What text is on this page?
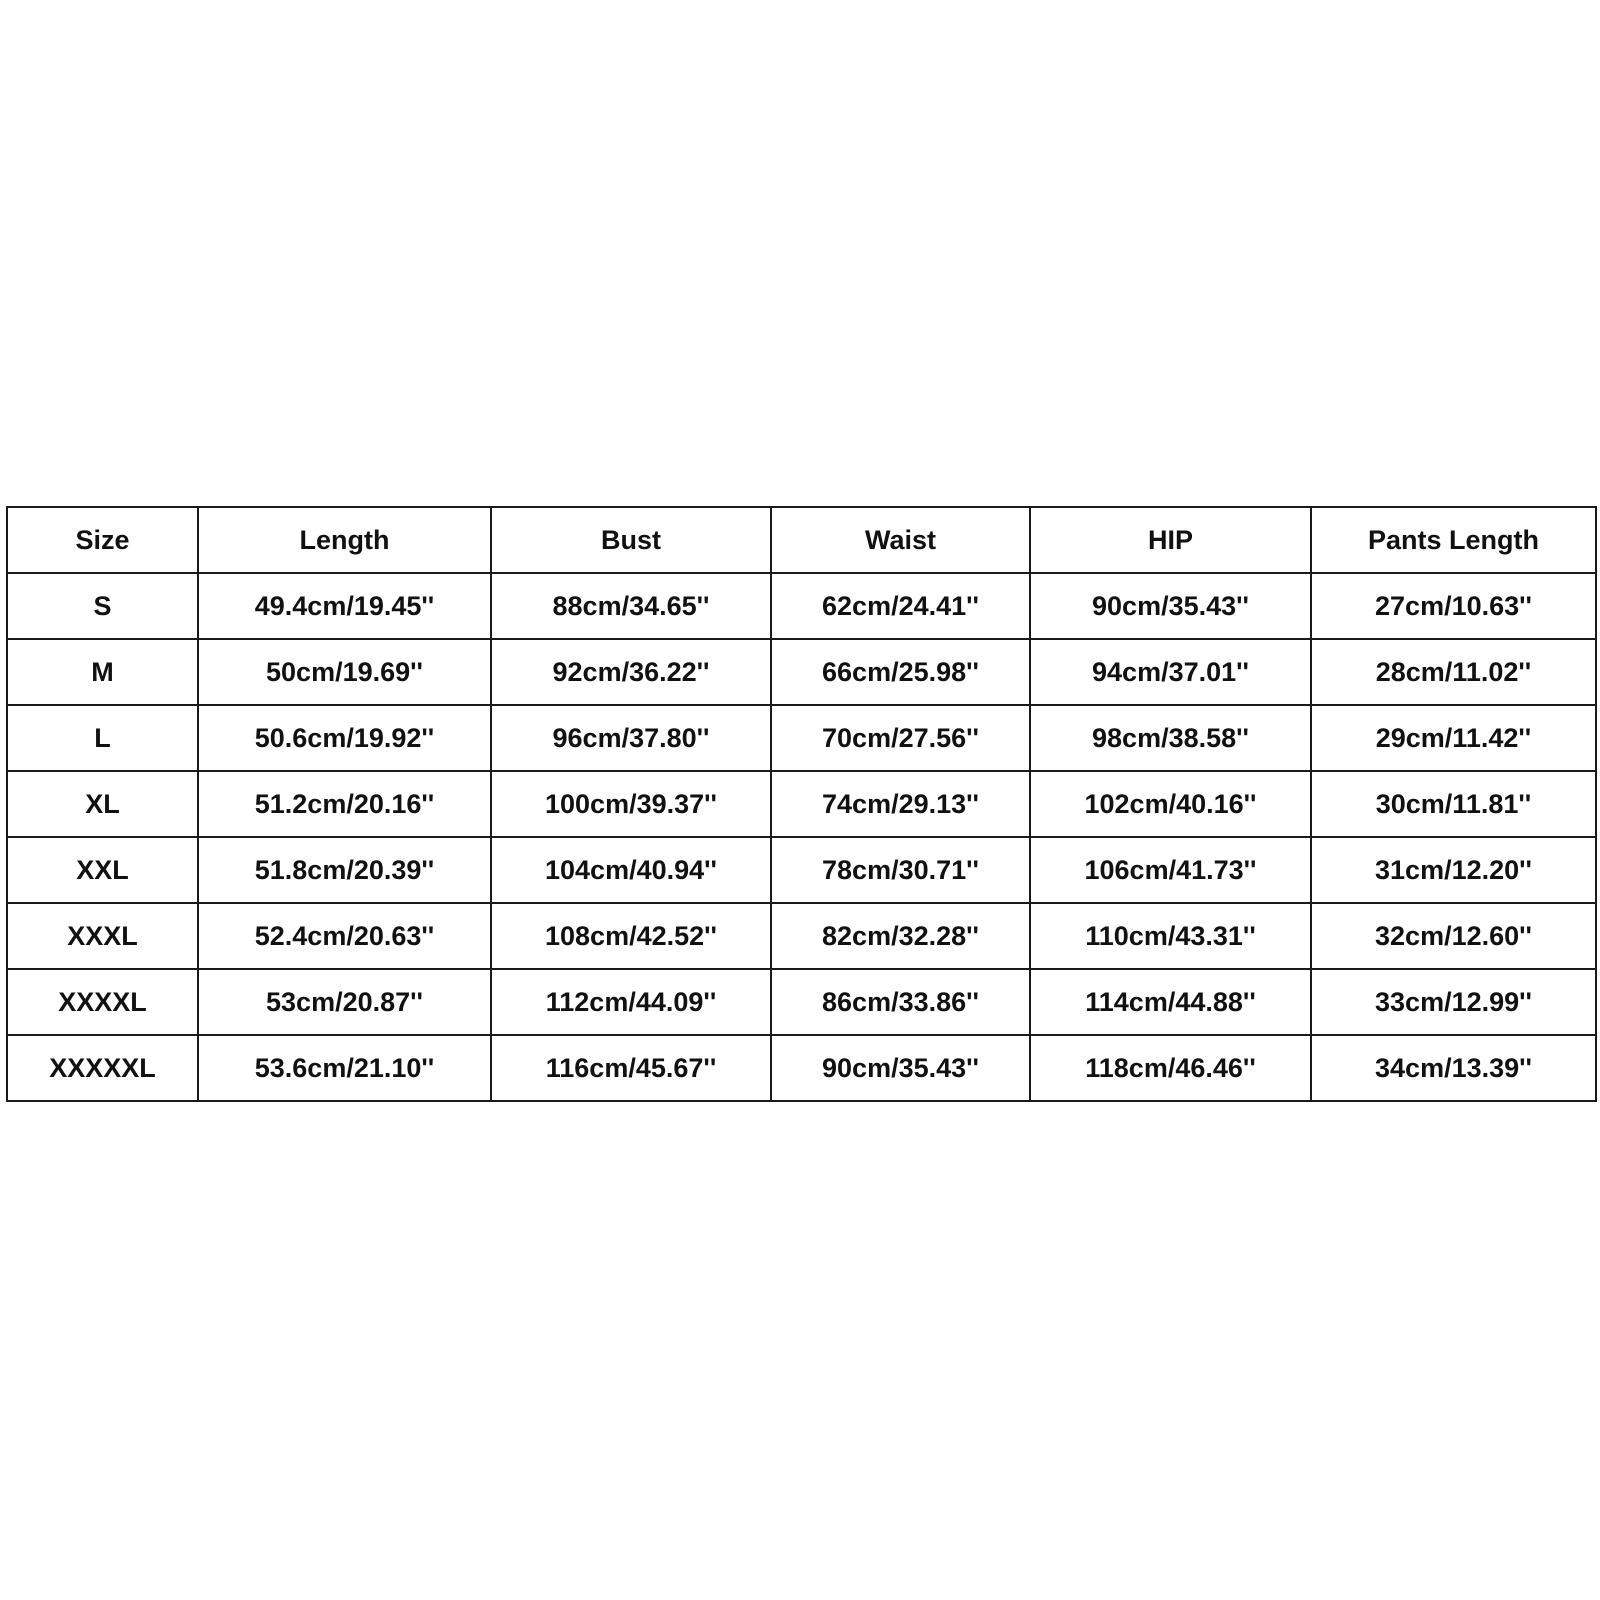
Size	Length	Bust	Waist	HIP	Pants Length
S	49.4cm/19.45''	88cm/34.65''	62cm/24.41''	90cm/35.43''	27cm/10.63''
M	50cm/19.69''	92cm/36.22''	66cm/25.98''	94cm/37.01''	28cm/11.02''
L	50.6cm/19.92''	96cm/37.80''	70cm/27.56''	98cm/38.58''	29cm/11.42''
XL	51.2cm/20.16''	100cm/39.37''	74cm/29.13''	102cm/40.16''	30cm/11.81''
XXL	51.8cm/20.39''	104cm/40.94''	78cm/30.71''	106cm/41.73''	31cm/12.20''
XXXL	52.4cm/20.63''	108cm/42.52''	82cm/32.28''	110cm/43.31''	32cm/12.60''
XXXXL	53cm/20.87''	112cm/44.09''	86cm/33.86''	114cm/44.88''	33cm/12.99''
XXXXXL	53.6cm/21.10''	116cm/45.67''	90cm/35.43''	118cm/46.46''	34cm/13.39''
